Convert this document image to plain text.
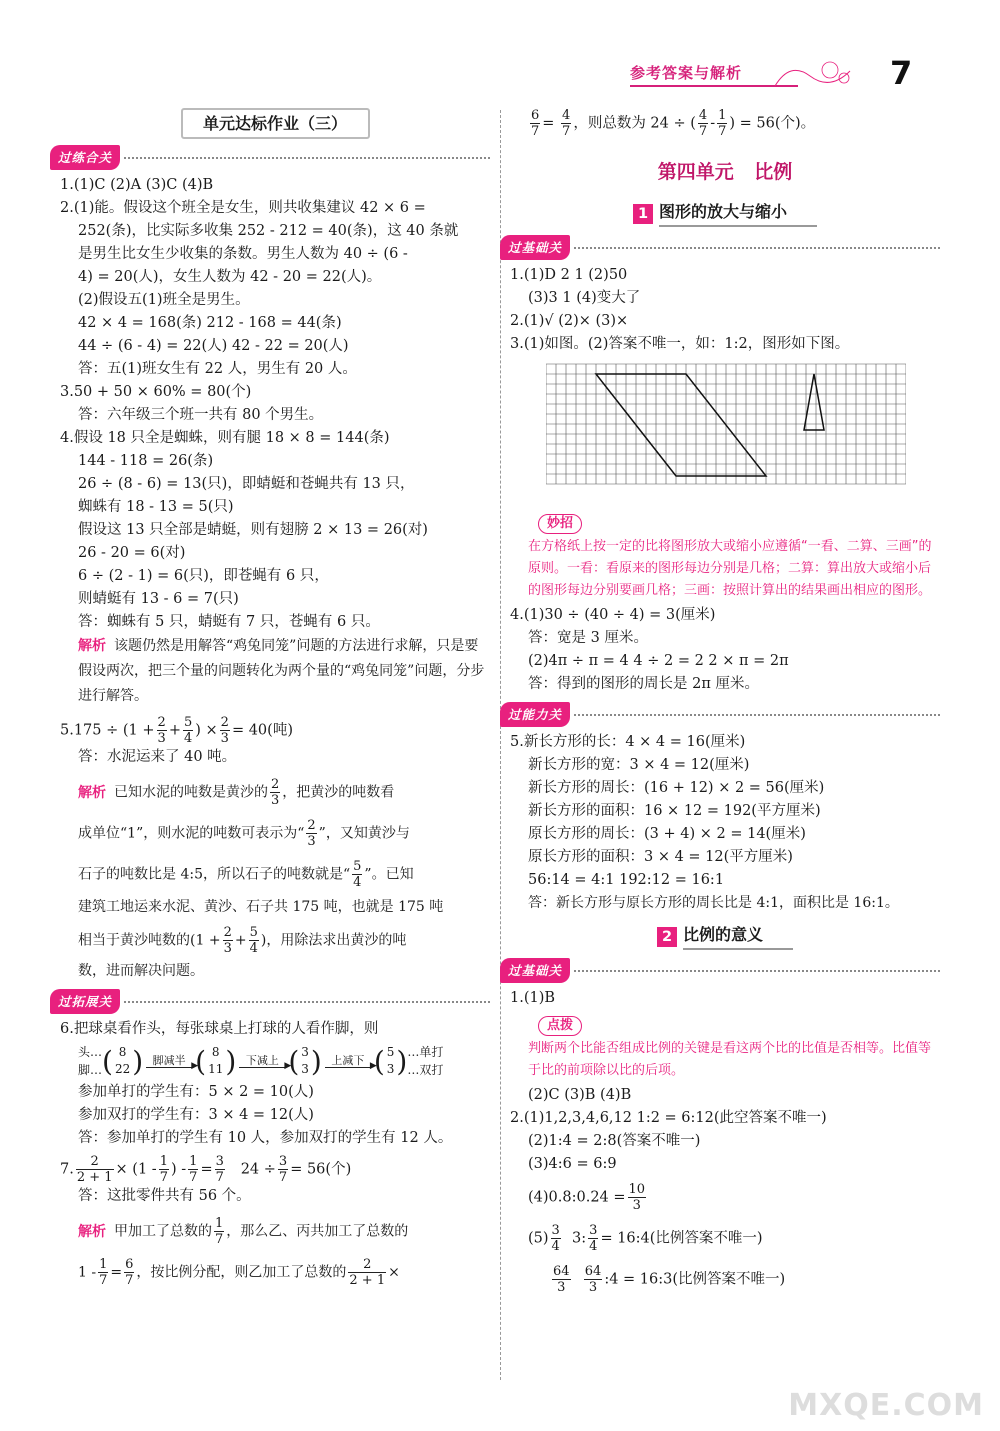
参考答案与解析	7
单元达标作业（三）
过练合关

1.(1)C (2)A (3)C (4)B

2.(1)能。假设这个班全是女生，则共收集建议 42 × 6 =

252(条)，比实际多收集 252 - 212 = 40(条)，这 40 条就

是男生比女生少收集的条数。男生人数为 40 ÷ (6 -

4) = 20(人)，女生人数为 42 - 20 = 22(人)。

(2)假设五(1)班全是男生。

42 × 4 = 168(条) 212 - 168 = 44(条)

44 ÷ (6 - 4) = 22(人) 42 - 22 = 20(人)

答：五(1)班女生有 22 人，男生有 20 人。

3.50 + 50 × 60% = 80(个)

答：六年级三个班一共有 80 个男生。

4.假设 18 只全是蜘蛛，则有腿 18 × 8 = 144(条)

144 - 118 = 26(条)

26 ÷ (8 - 6) = 13(只)，即蜻蜓和苍蝇共有 13 只，

蜘蛛有 18 - 13 = 5(只)

假设这 13 只全部是蜻蜓，则有翅膀 2 × 13 = 26(对)

26 - 20 = 6(对)

6 ÷ (2 - 1) = 6(只)，即苍蝇有 6 只，

则蜻蜓有 13 - 6 = 7(只)

答：蜘蛛有 5 只，蜻蜓有 7 只，苍蝇有 6 只。

解析 该题仍然是用解答“鸡兔同笼”问题的方法进行求解，只是要假设两次，把三个量的问题转化为两个量的“鸡兔同笼”问题，分步进行解答。

$5.175 \div (1 + \frac{2}{3} + \frac{5}{4}$ ) × $\frac{2}{3} = 40$(吨)

答：水泥运来了 40 吨。

解析 已知水泥的吨数是黄沙的 $\frac{2}{3}$ ，把黄沙的吨数看

成单位“1”，则水泥的吨数可表示为“ $\frac{2}{3}$ ”，又知黄沙与

石子的吨数比是 4:5，所以石子的吨数就是“ $\frac{5}{4}$ ”。已知

建筑工地运来水泥、黄沙、石子共 175 吨，也就是 175 吨

相当于黄沙吨数的($1 + \frac{2}{3} + \frac{5}{4}$ )，用除法求出黄沙的吨

数，进而解决问题。

过拓展关

6.把球桌看作头，每张球桌上打球的人看作脚，则

头…
脚… ( 8
22 ) 脚减半 ▶ ( 8
11 ) 下减上 ▶ ( 3
3 ) 上减下 ▶ ( 5
3 ) …单打
…双打

参加单打的学生有：5 × 2 = 10(人)

参加双打的学生有：3 × 4 = 12(人)

答：参加单打的学生有 10 人，参加双打的学生有 12 人。

7. $\frac{2}{2 + 1} \times (1 - \frac{1}{7}$ ) - $\frac{1}{7} = \frac{3}{7} 24 \div \frac{3}{7} = 56$(个)

答：这批零件共有 56 个。

解析 甲加工了总数的 $\frac{1}{7}$ ，那么乙、丙共加工了总数的

$1 - \frac{1}{7} = \frac{6}{7}$ ，按比例分配，则乙加工了总数的 $\frac{2}{2 + 1}$ ×

$\frac{6}{7} = \frac{4}{7}$ ，则总数为 24 ÷ ( $\frac{4}{7} - \frac{1}{7}$ ) = 56(个)。

第四单元 比例
1 图形的放大与缩小
过基础关

1.(1)D 2 1 (2)50

(3)3 1 (4)变大了

2.(1)√ (2)× (3)×

3.(1)如图。(2)答案不唯一，如：1:2，图形如下图。

妙招

在方格纸上按一定的比将图形放大或缩小应遵循“一看、二算、三画”的原则。一看：看原来的图形每边分别是几格；二算：算出放大或缩小后的图形每边分别要画几格；三画：按照计算出的结果画出相应的图形。

4.(1)30 ÷ (40 ÷ 4) = 3(厘米)

答：宽是 3 厘米。

(2)4π ÷ π = 4 4 ÷ 2 = 2 2 × π = 2π

答：得到的图形的周长是 2π 厘米。

过能力关

5.新长方形的长：4 × 4 = 16(厘米)

新长方形的宽：3 × 4 = 12(厘米)

新长方形的周长：(16 + 12) × 2 = 56(厘米)

新长方形的面积：16 × 12 = 192(平方厘米)

原长方形的周长：(3 + 4) × 2 = 14(厘米)

原长方形的面积：3 × 4 = 12(平方厘米)

56:14 = 4:1 192:12 = 16:1

答：新长方形与原长方形的周长比是 4:1，面积比是 16:1。

2 比例的意义
过基础关

1.(1)B

点拨

判断两个比能否组成比例的关键是看这两个比的比值是否相等。比值等于比的前项除以比的后项。

(2)C (3)B (4)B

2.(1)1,2,3,4,6,12 1:2 = 6:12(此空答案不唯一)

(2)1:4 = 2:8(答案不唯一)

(3)4:6 = 6:9

(4)0.8:0.24 = $\frac{10}{3}$

$(5) \frac{3}{4} 3$: $\frac{3}{4}$ = 16:4(比例答案不唯一)

$\frac{64}{3}$
$\frac{64}{3}$ :4 = 16:3(比例答案不唯一)

MXQE.COM
